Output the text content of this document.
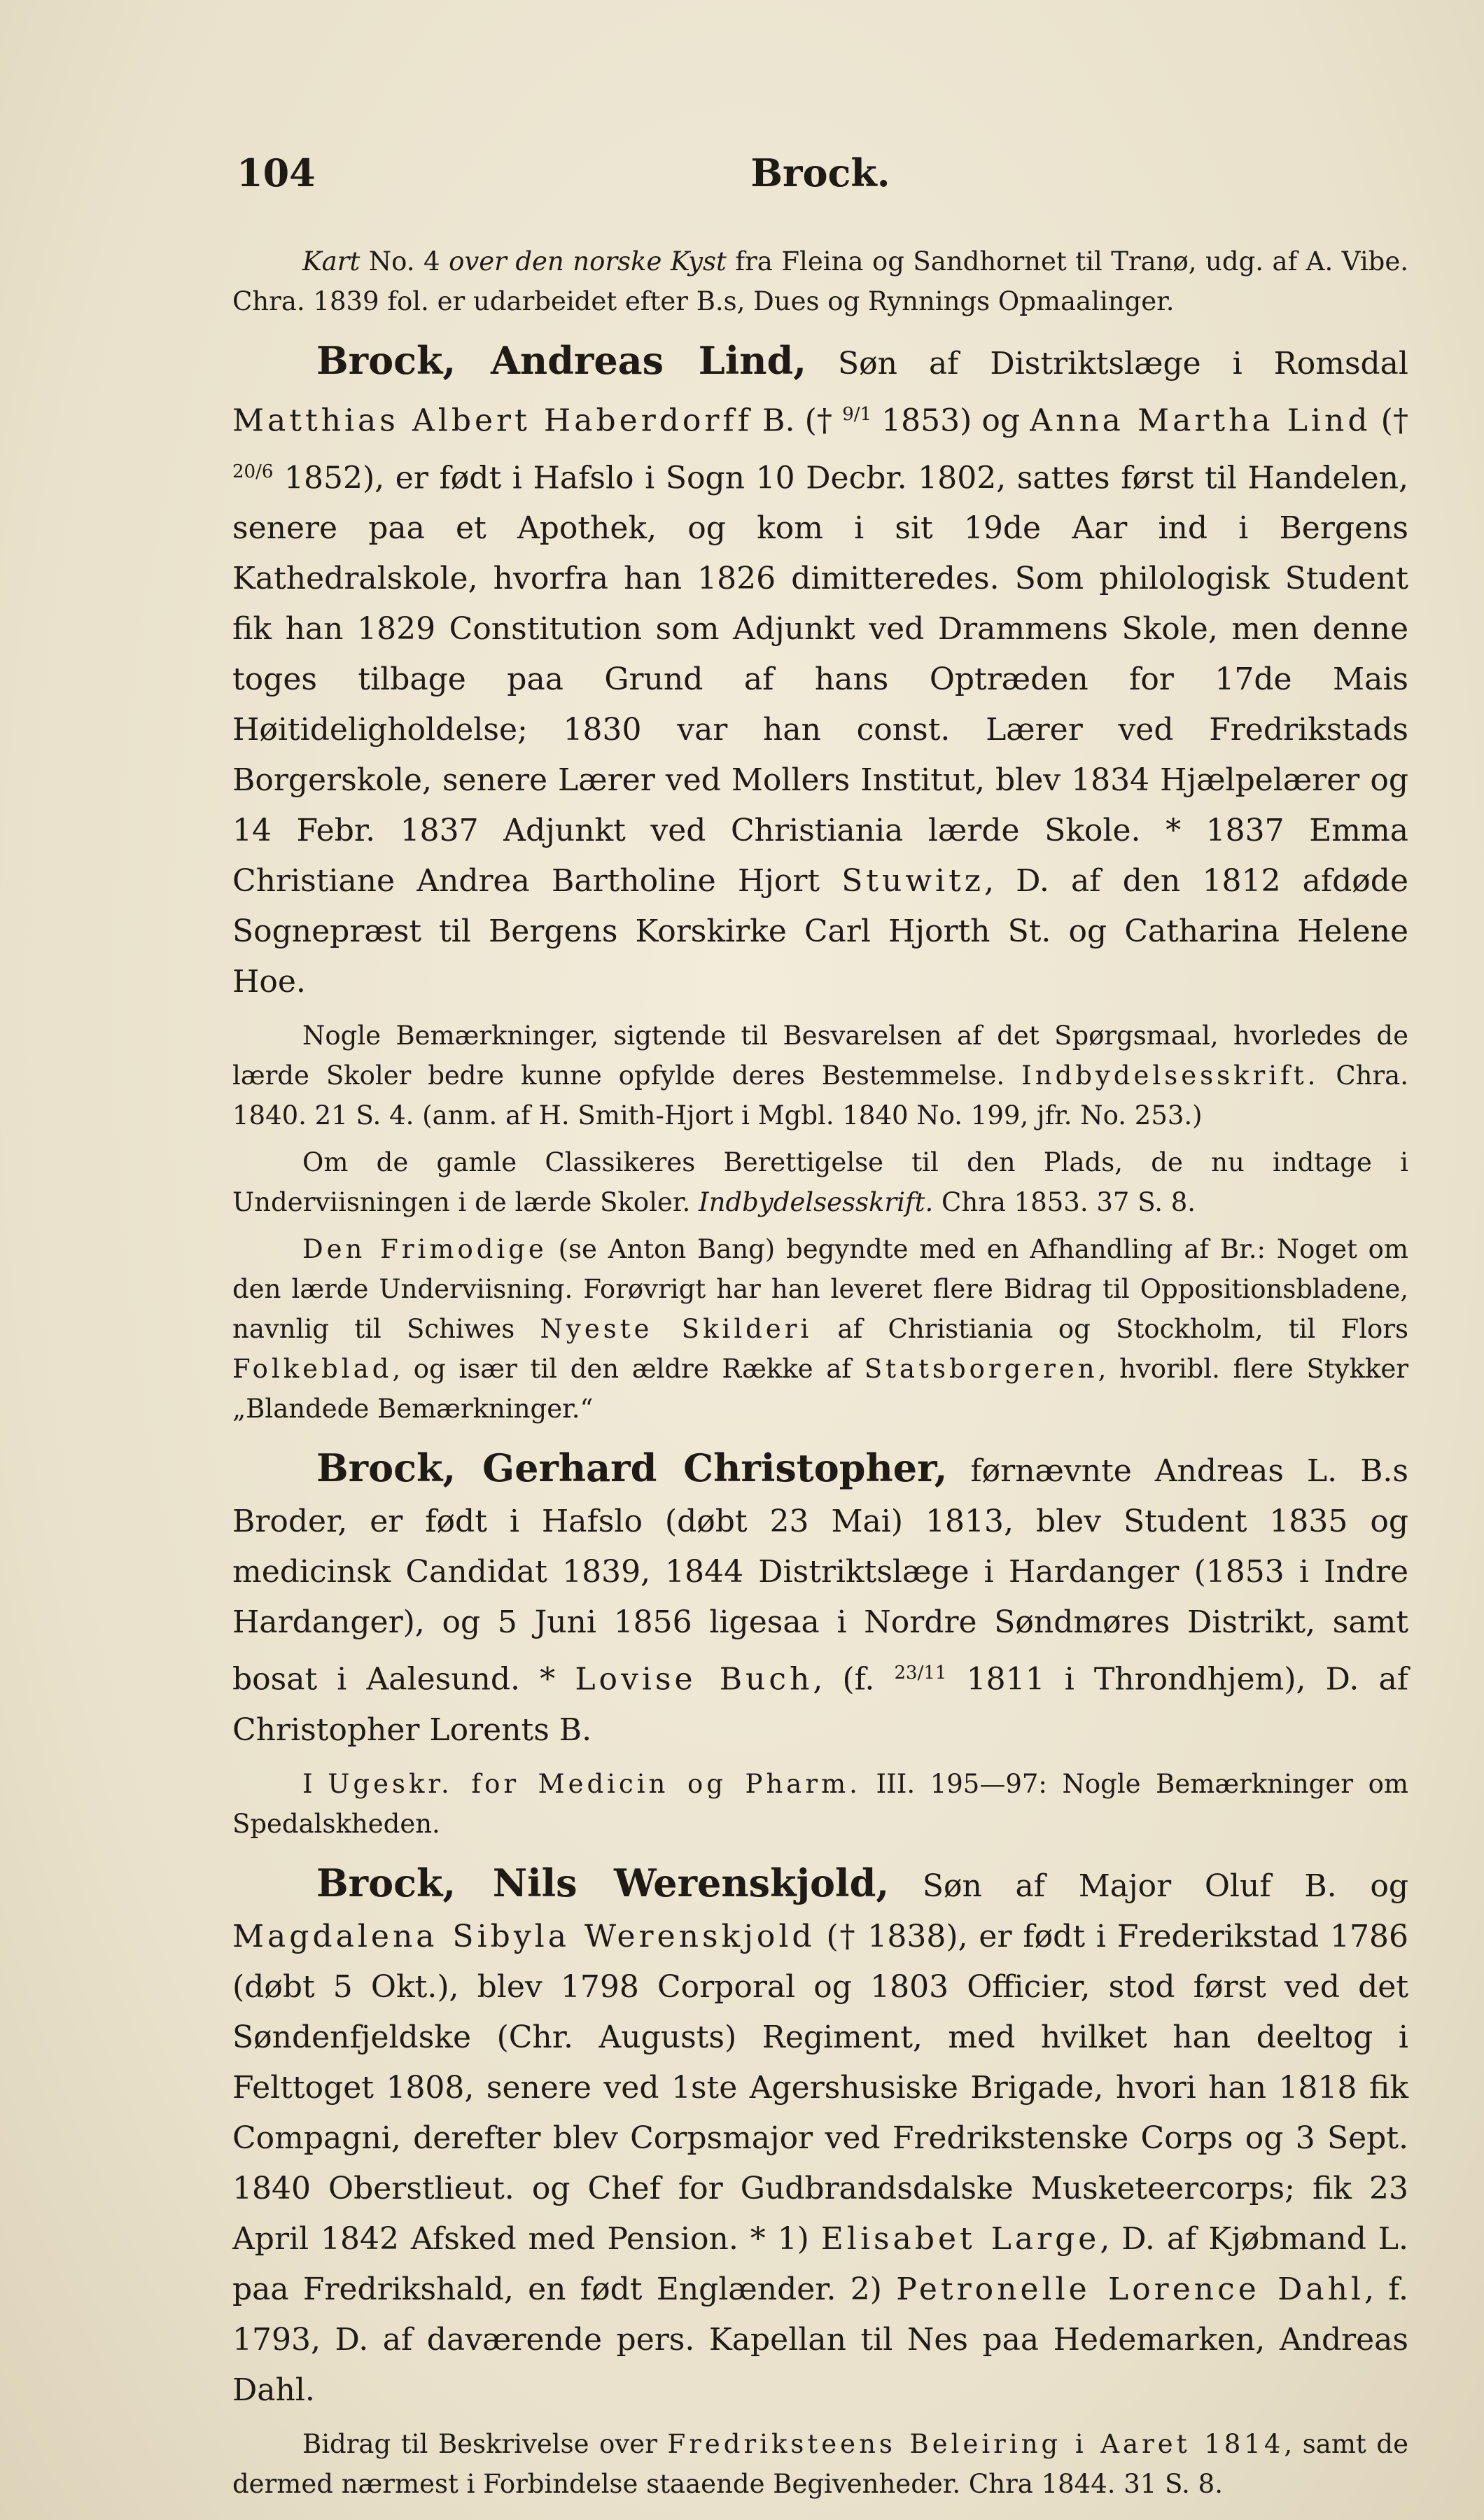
104	Brock.

Kart No. 4 over den norske Kyst fra Fleina og Sandhornet til Tranø, udg. af A. Vibe. Chra. 1839 fol. er udarbeidet efter B.s, Dues og Rynnings Opmaalinger.

Brock, Andreas Lind, Søn af Distriktslæge i Romsdal Matthias Albert Haberdorff B. († $^{9/1}$ 1853) og Anna Martha Lind († $^{20/6}$ 1852), er født i Hafslo i Sogn 10 Decbr. 1802, sattes først til Handelen, senere paa et Apothek, og kom i sit 19de Aar ind i Bergens Kathedralskole, hvorfra han 1826 dimitteredes. Som philologisk Student fik han 1829 Constitution som Adjunkt ved Drammens Skole, men denne toges tilbage paa Grund af hans Optræden for 17de Mais Høitideligholdelse; 1830 var han const. Lærer ved Fredrikstads Borgerskole, senere Lærer ved Mollers Institut, blev 1834 Hjælpelærer og 14 Febr. 1837 Adjunkt ved Christiania lærde Skole. * 1837 Emma Christiane Andrea Bartholine Hjort Stuwitz, D. af den 1812 afdøde Sognepræst til Bergens Korskirke Carl Hjorth St. og Catharina Helene Hoe.

Nogle Bemærkninger, sigtende til Besvarelsen af det Spørgsmaal, hvorledes de lærde Skoler bedre kunne opfylde deres Bestemmelse. Indbydelsesskrift. Chra. 1840. 21 S. 4. (anm. af H. Smith-Hjort i Mgbl. 1840 No. 199, jfr. No. 253.)

Om de gamle Classikeres Berettigelse til den Plads, de nu indtage i Underviisningen i de lærde Skoler. Indbydelsesskrift. Chra 1853. 37 S. 8.

Den Frimodige (se Anton Bang) begyndte med en Afhandling af Br.: Noget om den lærde Underviisning. Forøvrigt har han leveret flere Bidrag til Oppositionsbladene, navnlig til Schiwes Nyeste Skilderi af Christiania og Stockholm, til Flors Folkeblad, og især til den ældre Række af Statsborgeren, hvoribl. flere Stykker „Blandede Bemærkninger.“

Brock, Gerhard Christopher, førnævnte Andreas L. B.s Broder, er født i Hafslo (døbt 23 Mai) 1813, blev Student 1835 og medicinsk Candidat 1839, 1844 Distriktslæge i Hardanger (1853 i Indre Hardanger), og 5 Juni 1856 ligesaa i Nordre Søndmøres Distrikt, samt bosat i Aalesund. * Lovise Buch, (f. $^{23/11}$ 1811 i Throndhjem), D. af Christopher Lorents B.

I Ugeskr. for Medicin og Pharm. III. 195—97: Nogle Bemærkninger om Spedalskheden.

Brock, Nils Werenskjold, Søn af Major Oluf B. og Magdalena Sibyla Werenskjold († 1838), er født i Frederikstad 1786 (døbt 5 Okt.), blev 1798 Corporal og 1803 Officier, stod først ved det Søndenfjeldske (Chr. Augusts) Regiment, med hvilket han deeltog i Felttoget 1808, senere ved 1ste Agershusiske Brigade, hvori han 1818 fik Compagni, derefter blev Corpsmajor ved Fredrikstenske Corps og 3 Sept. 1840 Oberstlieut. og Chef for Gudbrandsdalske Musketeercorps; fik 23 April 1842 Afsked med Pension. * 1) Elisabet Large, D. af Kjøbmand L. paa Fredrikshald, en født Englænder. 2) Petronelle Lorence Dahl, f. 1793, D. af daværende pers. Kapellan til Nes paa Hedemarken, Andreas Dahl.

Bidrag til Beskrivelse over Fredriksteens Beleiring i Aaret 1814, samt de dermed nærmest i Forbindelse staaende Begivenheder. Chra 1844. 31 S. 8.
